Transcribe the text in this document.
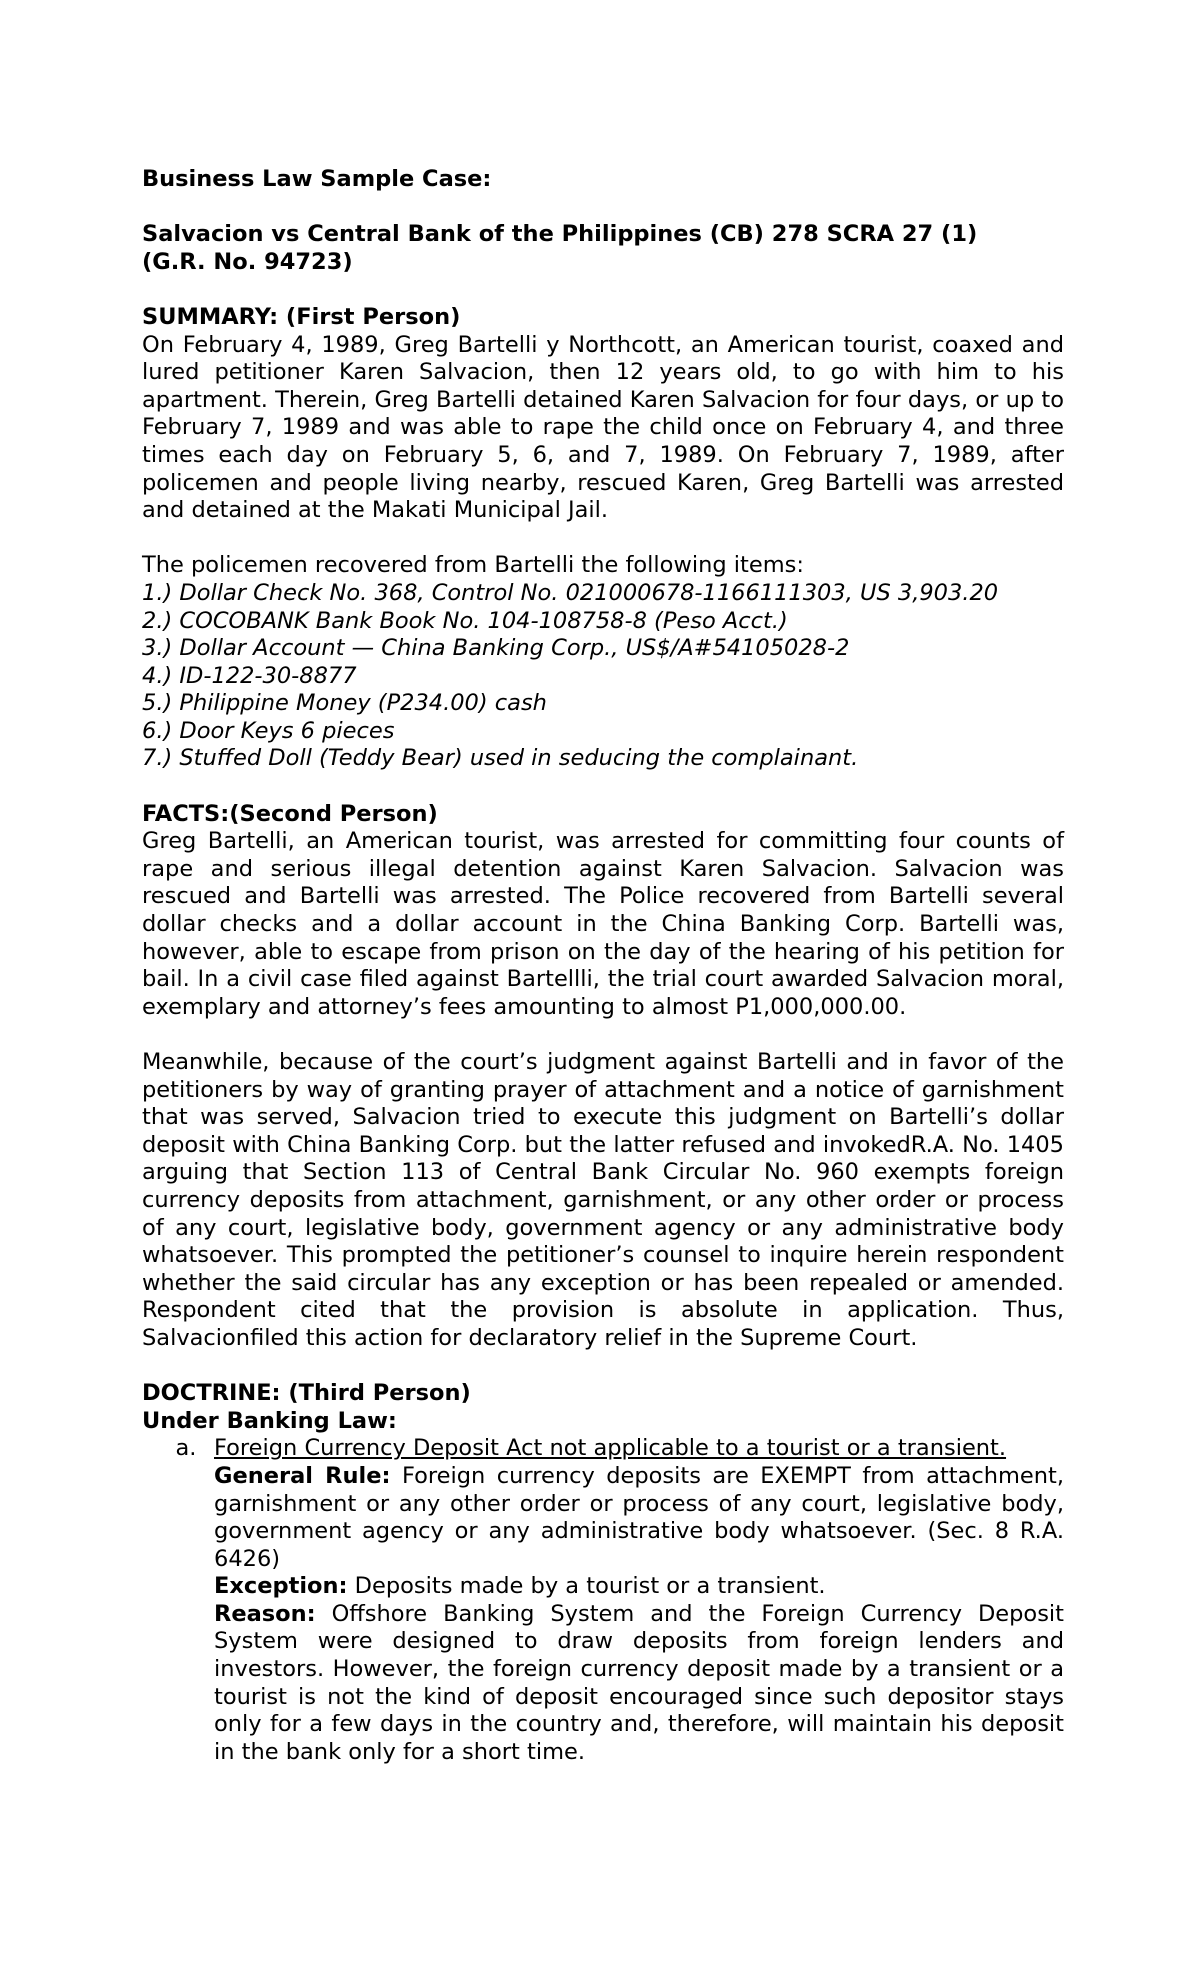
Business Law Sample Case:

Salvacion vs Central Bank of the Philippines (CB) 278 SCRA 27 (1)

(G.R. No. 94723)

SUMMARY: (First Person)

On February 4, 1989, Greg Bartelli y Northcott, an American tourist, coaxed and lured petitioner Karen Salvacion, then 12 years old, to go with him to his apartment. Therein, Greg Bartelli detained Karen Salvacion for four days, or up to February 7, 1989 and was able to rape the child once on February 4, and three times each day on February 5, 6, and 7, 1989. On February 7, 1989, after policemen and people living nearby, rescued Karen, Greg Bartelli was arrested and detained at the Makati Municipal Jail.

The policemen recovered from Bartelli the following items:

1.) Dollar Check No. 368, Control No. 021000678-1166111303, US 3,903.20
2.) COCOBANK Bank Book No. 104-108758-8 (Peso Acct.)
3.) Dollar Account — China Banking Corp., US$/A#54105028-2
4.) ID-122-30-8877
5.) Philippine Money (P234.00) cash
6.) Door Keys 6 pieces
7.) Stuffed Doll (Teddy Bear) used in seducing the complainant.

FACTS:(Second Person)

Greg Bartelli, an American tourist, was arrested for committing four counts of rape and serious illegal detention against Karen Salvacion. Salvacion was rescued and Bartelli was arrested. The Police recovered from Bartelli several dollar checks and a dollar account in the China Banking Corp. Bartelli was, however, able to escape from prison on the day of the hearing of his petition for bail. In a civil case filed against Bartellli, the trial court awarded Salvacion moral, exemplary and attorney’s fees amounting to almost P1,000,000.00.

Meanwhile, because of the court’s judgment against Bartelli and in favor of the petitioners by way of granting prayer of attachment and a notice of garnishment that was served, Salvacion tried to execute this judgment on Bartelli’s dollar deposit with China Banking Corp. but the latter refused and invokedR.A. No. 1405 arguing that Section 113 of Central Bank Circular No. 960 exempts foreign currency deposits from attachment, garnishment, or any other order or process of any court, legislative body, government agency or any administrative body whatsoever. This prompted the petitioner’s counsel to inquire herein respondent whether the said circular has any exception or has been repealed or amended. Respondent cited that the provision is absolute in application. Thus, Salvacionfiled this action for declaratory relief in the Supreme Court.

DOCTRINE: (Third Person)

Under Banking Law:

a. Foreign Currency Deposit Act not applicable to a tourist or a transient.

General Rule: Foreign currency deposits are EXEMPT from attachment, garnishment or any other order or process of any court, legislative body, government agency or any administrative body whatsoever. (Sec. 8 R.A. 6426)

Exception: Deposits made by a tourist or a transient.

Reason: Offshore Banking System and the Foreign Currency Deposit System were designed to draw deposits from foreign lenders and investors. However, the foreign currency deposit made by a transient or a tourist is not the kind of deposit encouraged since such depositor stays only for a few days in the country and, therefore, will maintain his deposit in the bank only for a short time.
